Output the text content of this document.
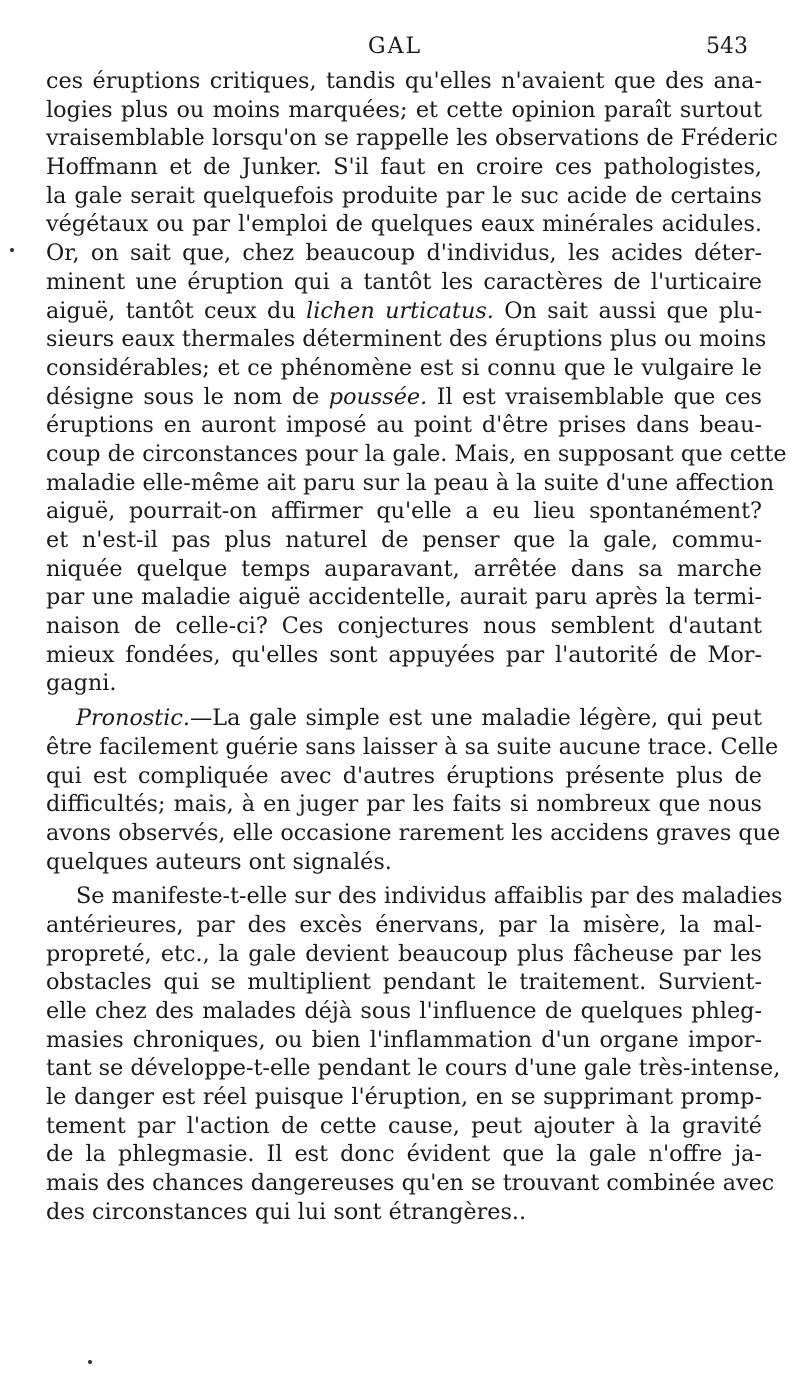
GAL	543
ces éruptions critiques, tandis qu'elles n'avaient que des ana-
logies plus ou moins marquées; et cette opinion paraît surtout
vraisemblable lorsqu'on se rappelle les observations de Fréderic
Hoffmann et de Junker. S'il faut en croire ces pathologistes,
la gale serait quelquefois produite par le suc acide de certains
végétaux ou par l'emploi de quelques eaux minérales acidules.
Or, on sait que, chez beaucoup d'individus, les acides déter-
minent une éruption qui a tantôt les caractères de l'urticaire
aiguë, tantôt ceux du lichen urticatus. On sait aussi que plu-
sieurs eaux thermales déterminent des éruptions plus ou moins
considérables; et ce phénomène est si connu que le vulgaire le
désigne sous le nom de poussée. Il est vraisemblable que ces
éruptions en auront imposé au point d'être prises dans beau-
coup de circonstances pour la gale. Mais, en supposant que cette
maladie elle-même ait paru sur la peau à la suite d'une affection
aiguë, pourrait-on affirmer qu'elle a eu lieu spontanément?
et n'est-il pas plus naturel de penser que la gale, commu-
niquée quelque temps auparavant, arrêtée dans sa marche
par une maladie aiguë accidentelle, aurait paru après la termi-
naison de celle-ci? Ces conjectures nous semblent d'autant
mieux fondées, qu'elles sont appuyées par l'autorité de Mor-
gagni.
Pronostic.—La gale simple est une maladie légère, qui peut
être facilement guérie sans laisser à sa suite aucune trace. Celle
qui est compliquée avec d'autres éruptions présente plus de
difficultés; mais, à en juger par les faits si nombreux que nous
avons observés, elle occasione rarement les accidens graves que
quelques auteurs ont signalés.
Se manifeste-t-elle sur des individus affaiblis par des maladies
antérieures, par des excès énervans, par la misère, la mal-
propreté, etc., la gale devient beaucoup plus fâcheuse par les
obstacles qui se multiplient pendant le traitement. Survient-
elle chez des malades déjà sous l'influence de quelques phleg-
masies chroniques, ou bien l'inflammation d'un organe impor-
tant se développe-t-elle pendant le cours d'une gale très-intense,
le danger est réel puisque l'éruption, en se supprimant promp-
tement par l'action de cette cause, peut ajouter à la gravité
de la phlegmasie. Il est donc évident que la gale n'offre ja-
mais des chances dangereuses qu'en se trouvant combinée avec
des circonstances qui lui sont étrangères..
